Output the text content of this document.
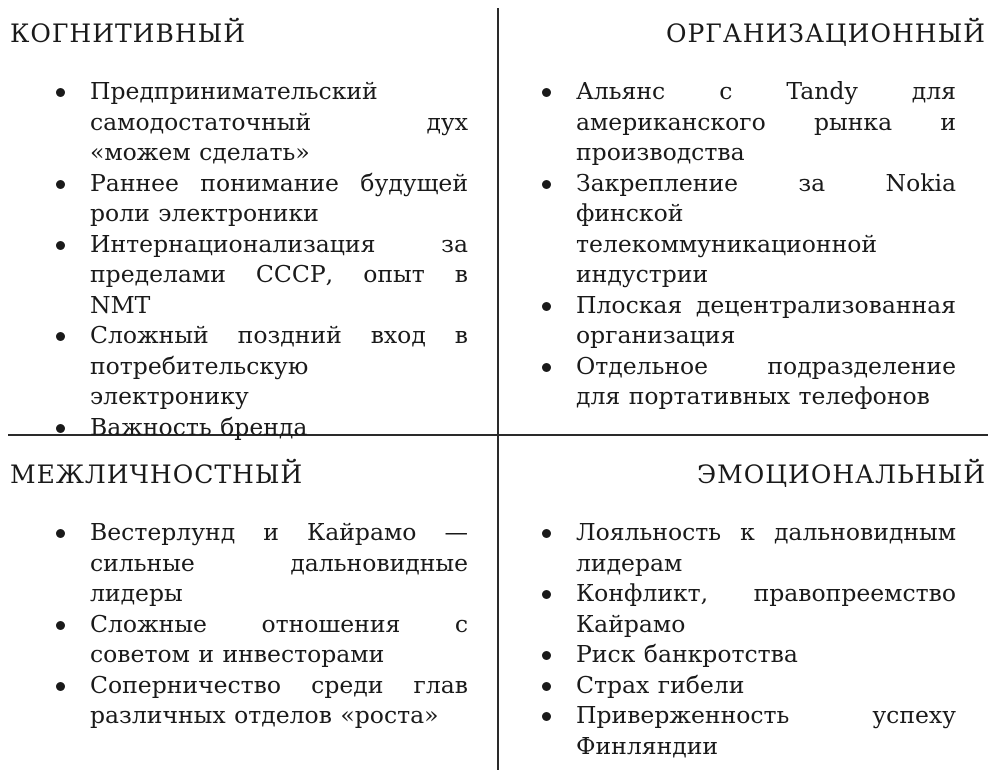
КОГНИТИВНЫЙ
Предпринимательский самодостаточный дух «можем сделать»
Раннее понимание будущей роли электроники
Интернационализация за пределами СССР, опыт в NMT
Сложный поздний вход в потребительскую электронику
Важность бренда
ОРГАНИЗАЦИОННЫЙ
Альянс с Tandy для американского рынка и производства
Закрепление за Nokia финской телекоммуникационной индустрии
Плоская децентрализованная организация
Отдельное подразделение для портативных телефонов
МЕЖЛИЧНОСТНЫЙ
Вестерлунд и Кайрамо — сильные дальновидные лидеры
Сложные отношения с советом и инвесторами
Соперничество среди глав различных отделов «роста»
ЭМОЦИОНАЛЬНЫЙ
Лояльность к дальновидным лидерам
Конфликт, правопреемство Кайрамо
Риск банкротства
Страх гибели
Приверженность успеху Финляндии
